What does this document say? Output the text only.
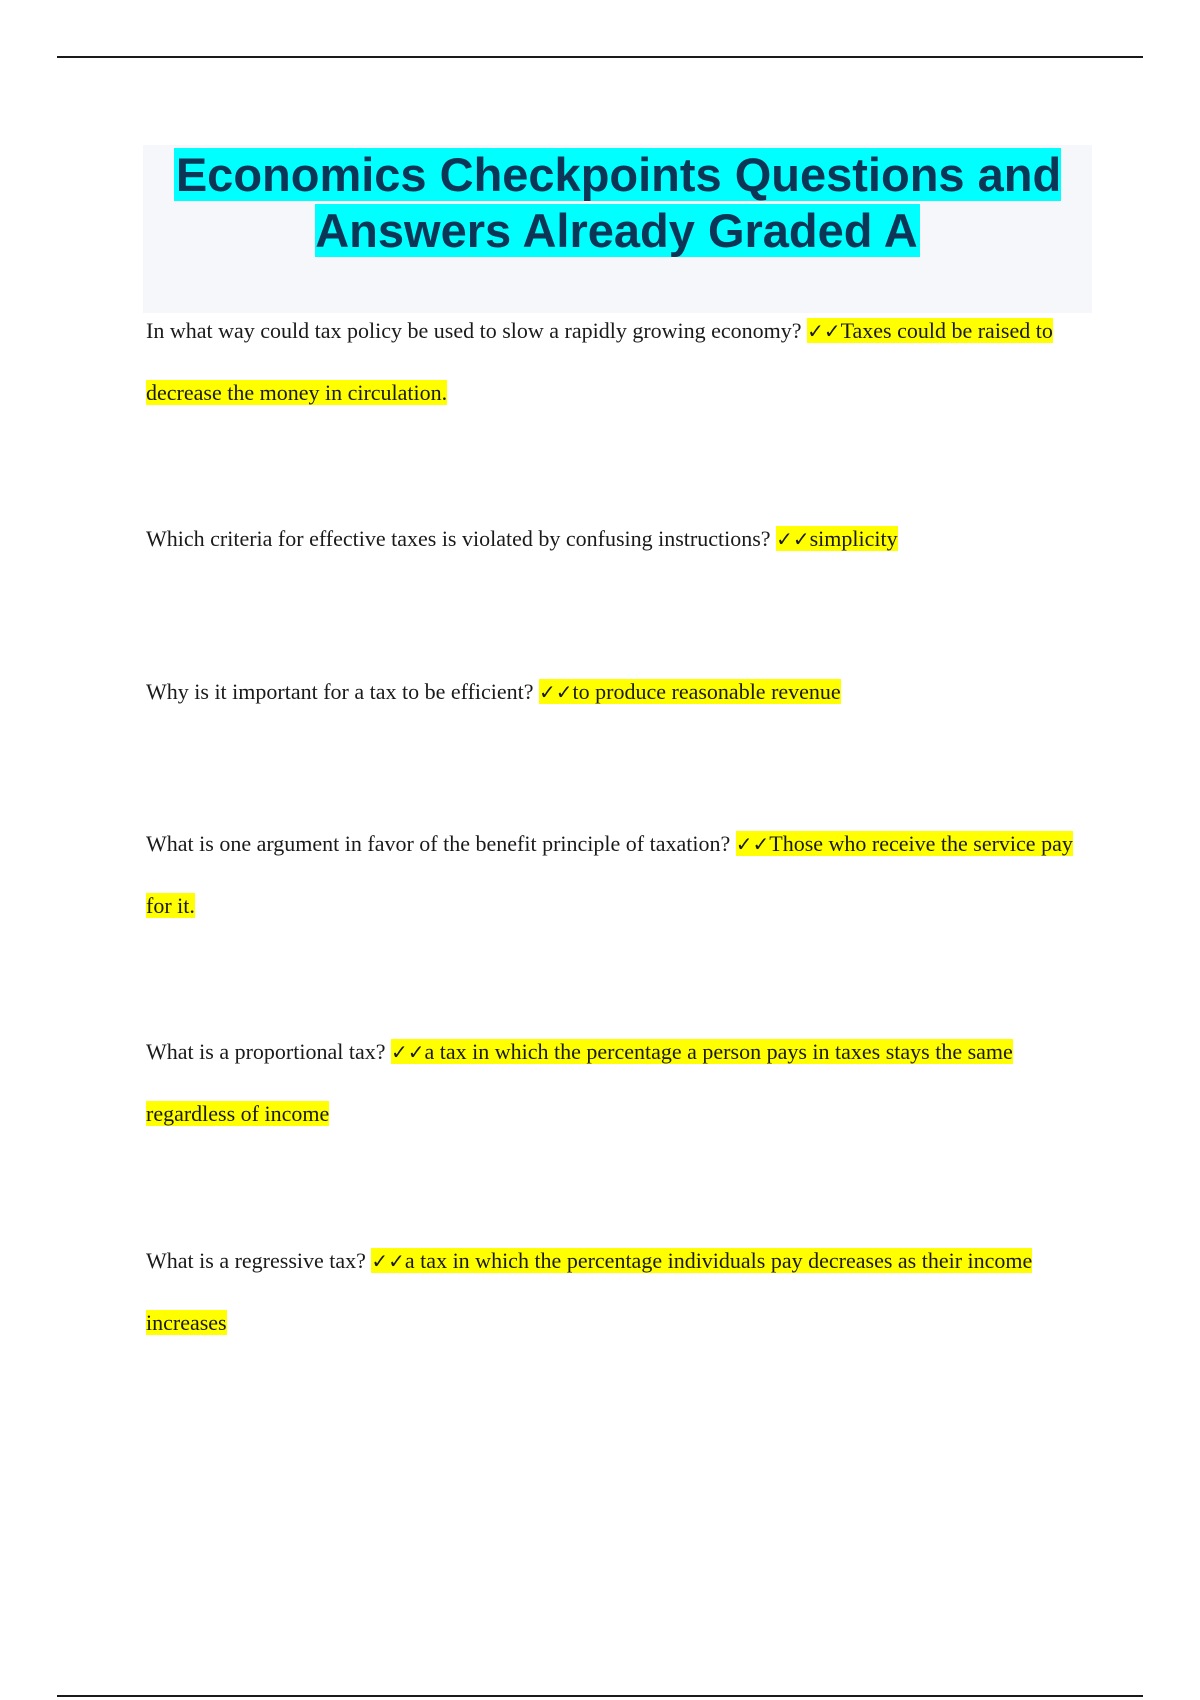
Economics Checkpoints Questions and Answers Already Graded A

In what way could tax policy be used to slow a rapidly growing economy? ✓✓Taxes could be raised to decrease the money in circulation.

Which criteria for effective taxes is violated by confusing instructions? ✓✓simplicity

Why is it important for a tax to be efficient? ✓✓to produce reasonable revenue

What is one argument in favor of the benefit principle of taxation? ✓✓Those who receive the service pay for it.

What is a proportional tax? ✓✓a tax in which the percentage a person pays in taxes stays the same regardless of income

What is a regressive tax? ✓✓a tax in which the percentage individuals pay decreases as their income increases
